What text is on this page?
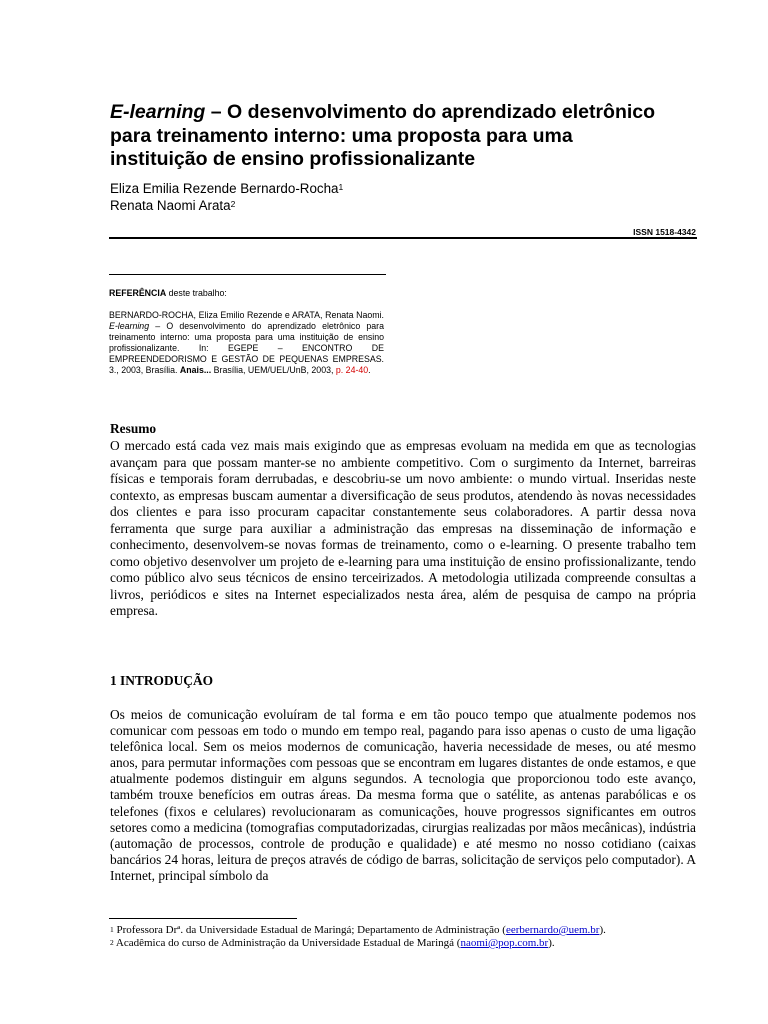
E-learning – O desenvolvimento do aprendizado eletrônico
para treinamento interno: uma proposta para uma
instituição de ensino profissionalizante
Eliza Emilia Rezende Bernardo-Rocha$^1$
Renata Naomi Arata$^2$
ISSN 1518-4342
REFERÊNCIA deste trabalho:
BERNARDO-ROCHA, Eliza Emilio Rezende e ARATA, Renata Naomi. E-learning – O desenvolvimento do aprendizado eletrônico para treinamento interno: uma proposta para uma instituição de ensino profissionalizante. In: EGEPE – ENCONTRO DE EMPREENDEDORISMO E GESTÃO DE PEQUENAS EMPRESAS. 3., 2003, Brasília. Anais... Brasília, UEM/UEL/UnB, 2003, p. 24-40.
Resumo
O mercado está cada vez mais mais exigindo que as empresas evoluam na medida em que as tecnologias avançam para que possam manter-se no ambiente competitivo. Com o surgimento da Internet, barreiras físicas e temporais foram derrubadas, e descobriu-se um novo ambiente: o mundo virtual. Inseridas neste contexto, as empresas buscam aumentar a diversificação de seus produtos, atendendo às novas necessidades dos clientes e para isso procuram capacitar constantemente seus colaboradores. A partir dessa nova ferramenta que surge para auxiliar a administração das empresas na disseminação de informação e conhecimento, desenvolvem-se novas formas de treinamento, como o e-learning. O presente trabalho tem como objetivo desenvolver um projeto de e-learning para uma instituição de ensino profissionalizante, tendo como público alvo seus técnicos de ensino terceirizados. A metodologia utilizada compreende consultas a livros, periódicos e sites na Internet especializados nesta área, além de pesquisa de campo na própria empresa.
1 INTRODUÇÃO
Os meios de comunicação evoluíram de tal forma e em tão pouco tempo que atualmente podemos nos comunicar com pessoas em todo o mundo em tempo real, pagando para isso apenas o custo de uma ligação telefônica local. Sem os meios modernos de comunicação, haveria necessidade de meses, ou até mesmo anos, para permutar informações com pessoas que se encontram em lugares distantes de onde estamos, e que atualmente podemos distinguir em alguns segundos. A tecnologia que proporcionou todo este avanço, também trouxe benefícios em outras áreas. Da mesma forma que o satélite, as antenas parabólicas e os telefones (fixos e celulares) revolucionaram as comunicações, houve progressos significantes em outros setores como a medicina (tomografias computadorizadas, cirurgias realizadas por mãos mecânicas), indústria (automação de processos, controle de produção e qualidade) e até mesmo no nosso cotidiano (caixas bancários 24 horas, leitura de preços através de código de barras, solicitação de serviços pelo computador). A Internet, principal símbolo da
$^1$ Professora Drª. da Universidade Estadual de Maringá; Departamento de Administração (eerbernardo@uem.br).
$^2$ Acadêmica do curso de Administração da Universidade Estadual de Maringá (naomi@pop.com.br).
